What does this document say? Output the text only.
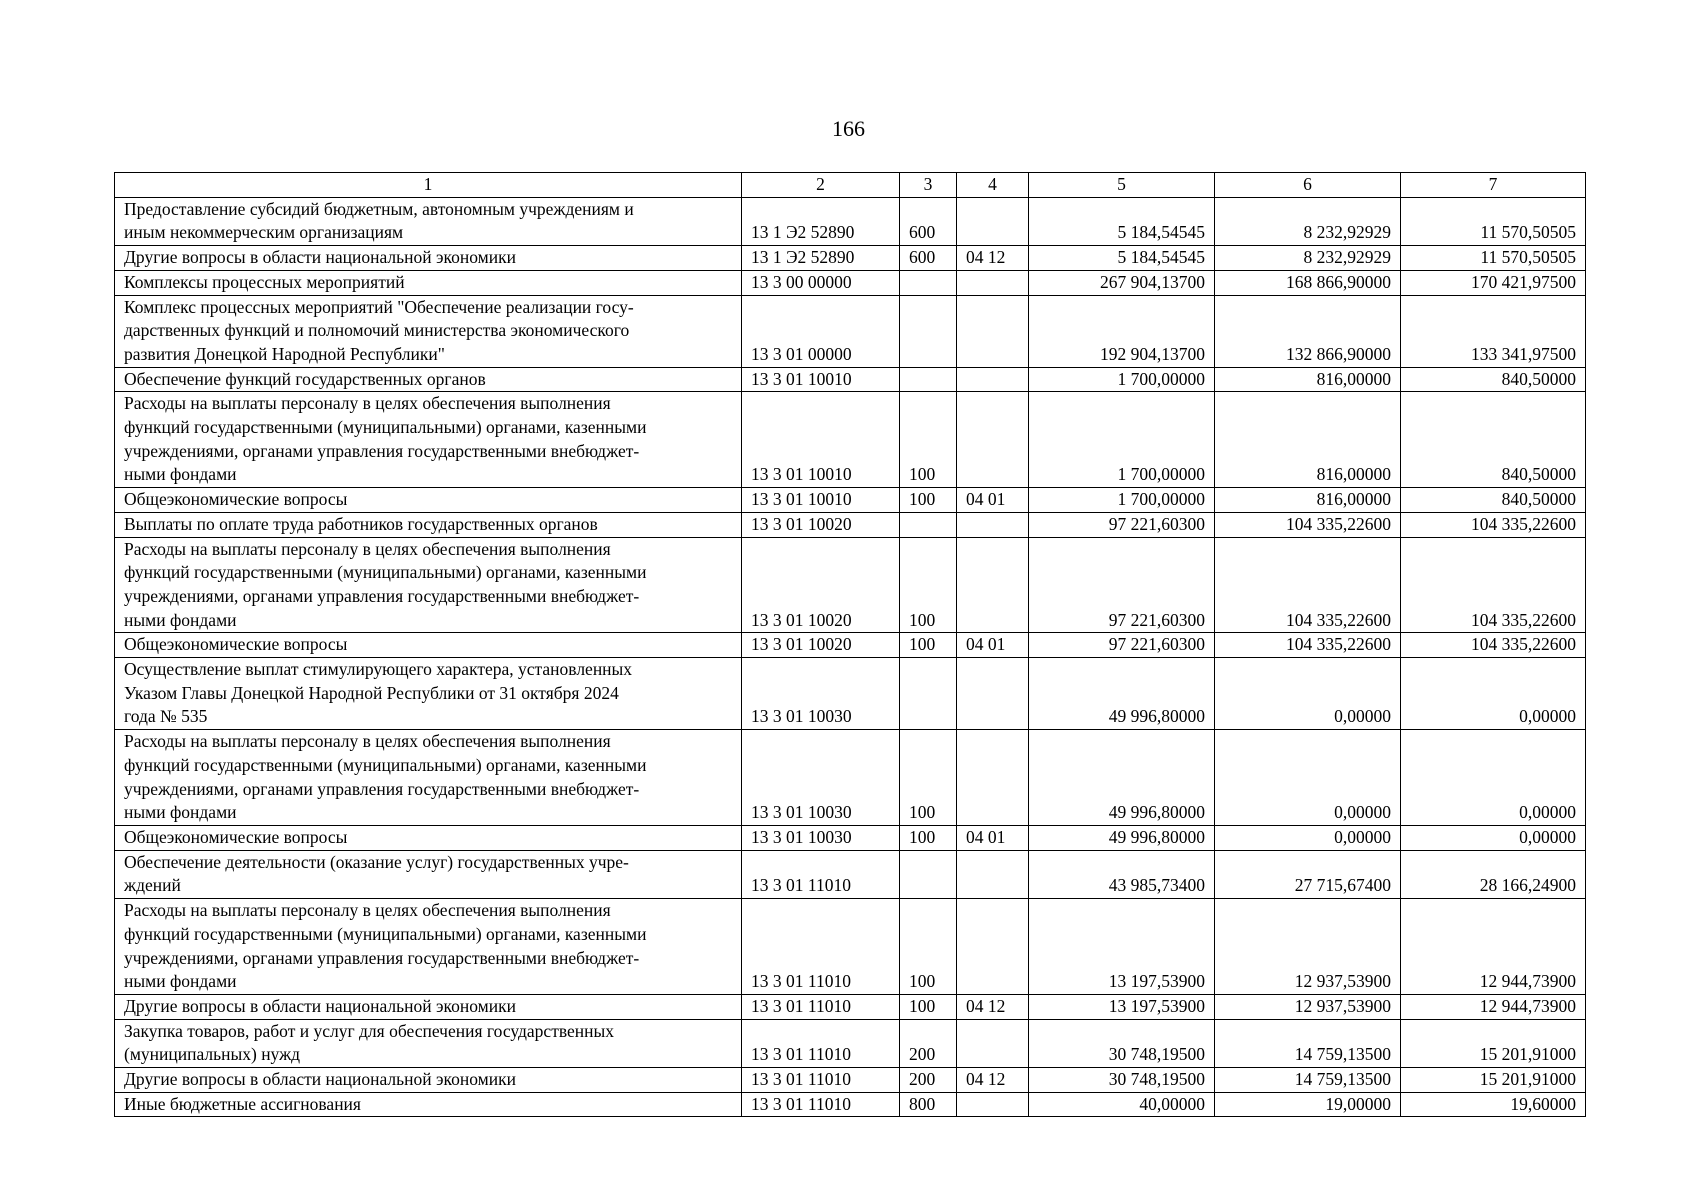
166
1	2	3	4	5	6	7
Предоставление субсидий бюджетным, автономным учреждениям и
иным некоммерческим организациям	13 1 Э2 52890	600		5 184,54545	8 232,92929	11 570,50505
Другие вопросы в области национальной экономики	13 1 Э2 52890	600	04 12	5 184,54545	8 232,92929	11 570,50505
Комплексы процессных мероприятий	13 3 00 00000			267 904,13700	168 866,90000	170 421,97500
Комплекс процессных мероприятий "Обеспечение реализации госу-
дарственных функций и полномочий министерства экономического
развития Донецкой Народной Республики"	13 3 01 00000			192 904,13700	132 866,90000	133 341,97500
Обеспечение функций государственных органов	13 3 01 10010			1 700,00000	816,00000	840,50000
Расходы на выплаты персоналу в целях обеспечения выполнения
функций государственными (муниципальными) органами, казенными
учреждениями, органами управления государственными внебюджет-
ными фондами	13 3 01 10010	100		1 700,00000	816,00000	840,50000
Общеэкономические вопросы	13 3 01 10010	100	04 01	1 700,00000	816,00000	840,50000
Выплаты по оплате труда работников государственных органов	13 3 01 10020			97 221,60300	104 335,22600	104 335,22600
Расходы на выплаты персоналу в целях обеспечения выполнения
функций государственными (муниципальными) органами, казенными
учреждениями, органами управления государственными внебюджет-
ными фондами	13 3 01 10020	100		97 221,60300	104 335,22600	104 335,22600
Общеэкономические вопросы	13 3 01 10020	100	04 01	97 221,60300	104 335,22600	104 335,22600
Осуществление выплат стимулирующего характера, установленных
Указом Главы Донецкой Народной Республики от 31 октября 2024
года № 535	13 3 01 10030			49 996,80000	0,00000	0,00000
Расходы на выплаты персоналу в целях обеспечения выполнения
функций государственными (муниципальными) органами, казенными
учреждениями, органами управления государственными внебюджет-
ными фондами	13 3 01 10030	100		49 996,80000	0,00000	0,00000
Общеэкономические вопросы	13 3 01 10030	100	04 01	49 996,80000	0,00000	0,00000
Обеспечение деятельности (оказание услуг) государственных учре-
ждений	13 3 01 11010			43 985,73400	27 715,67400	28 166,24900
Расходы на выплаты персоналу в целях обеспечения выполнения
функций государственными (муниципальными) органами, казенными
учреждениями, органами управления государственными внебюджет-
ными фондами	13 3 01 11010	100		13 197,53900	12 937,53900	12 944,73900
Другие вопросы в области национальной экономики	13 3 01 11010	100	04 12	13 197,53900	12 937,53900	12 944,73900
Закупка товаров, работ и услуг для обеспечения государственных
(муниципальных) нужд	13 3 01 11010	200		30 748,19500	14 759,13500	15 201,91000
Другие вопросы в области национальной экономики	13 3 01 11010	200	04 12	30 748,19500	14 759,13500	15 201,91000
Иные бюджетные ассигнования	13 3 01 11010	800		40,00000	19,00000	19,60000
